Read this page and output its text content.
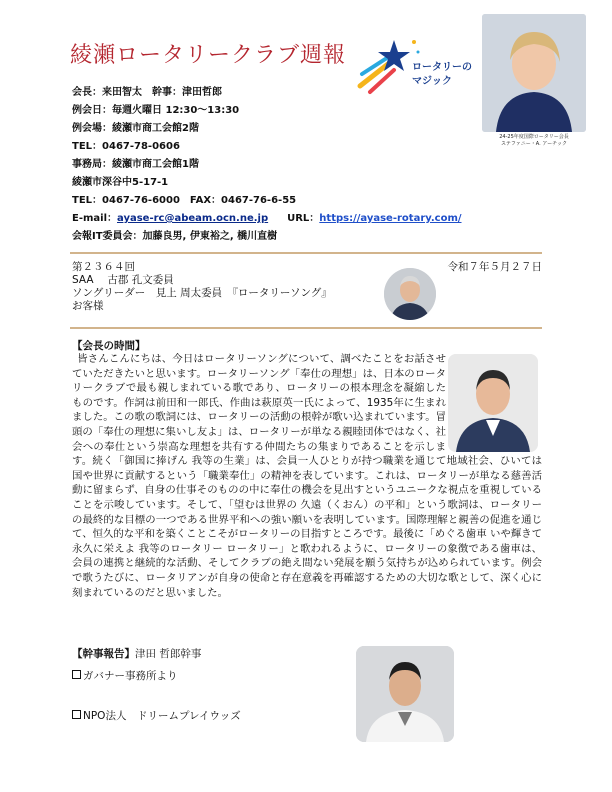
綾瀬ロータリークラブ週報
会長：来田智太　幹事：津田哲郎
例会日：毎週火曜日 12:30～13:30
例会場：綾瀬市商工会館2階
TEL：0467-78-0606
事務局：綾瀬市商工会館1階
綾瀬市深谷中5-17-1
TEL：0467-76-6000　FAX：0467-76-6-55
E-mail：ayase-rc@abeam.ocn.ne.jp URL：https://ayase-rotary.com/
会報IT委員会：加藤良男, 伊東裕之, 橋川直樹
ロータリーの
マジック
24-25年度国際ロータリー会長
ステファニー・A. アーチック
第２３６４回	令和７年５月２７日
SAA　 古郡 孔文委員
ソングリーダー　見上 周太委員　『ロータリーソング』
お客様
【会長の時間】
皆さんこんにちは、今日はロータリーソングについて、調べたことをお話させていただきたいと思います。ロータリーソング「奉仕の理想」は、日本のロータリークラブで最も親しまれている歌であり、ロータリーの根本理念を凝縮したものです。作詞は前田和一郎氏、作曲は萩原英一氏によって、1935年に生まれました。この歌の歌詞には、ロータリーの活動の根幹が歌い込まれています。冒頭の「奉仕の理想に集いし友よ」は、ロータリーが単なる親睦団体ではなく、社会への奉仕という崇高な理想を共有する仲間たちの集まりであることを示します。続く「御国に捧げん 我等の生業」は、会員一人ひとりが持つ職業を通じて地域社会、ひいては国や世界に貢献するという「職業奉仕」の精神を表しています。これは、ロータリーが単なる慈善活動に留まらず、自身の仕事そのものの中に奉仕の機会を見出すというユニークな視点を重視していることを示唆しています。そして、「望むは世界の 久遠（くおん）の平和」という歌詞は、ロータリーの最終的な目標の一つである世界平和への強い願いを表明しています。国際理解と親善の促進を通じて、恒久的な平和を築くことこそがロータリーの目指すところです。最後に「めぐる歯車 いや輝きて 永久に栄えよ 我等のロータリー ロータリー」と歌われるように、ロータリーの象徴である歯車は、会員の連携と継続的な活動、そしてクラブの絶え間ない発展を願う気持ちが込められています。例会で歌うたびに、ロータリアンが自身の使命と存在意義を再確認するための大切な歌として、深く心に刻まれているのだと思いました。
【幹事報告】津田 哲郎幹事
ガバナー事務所より
NPO法人　ドリームプレイウッズ
